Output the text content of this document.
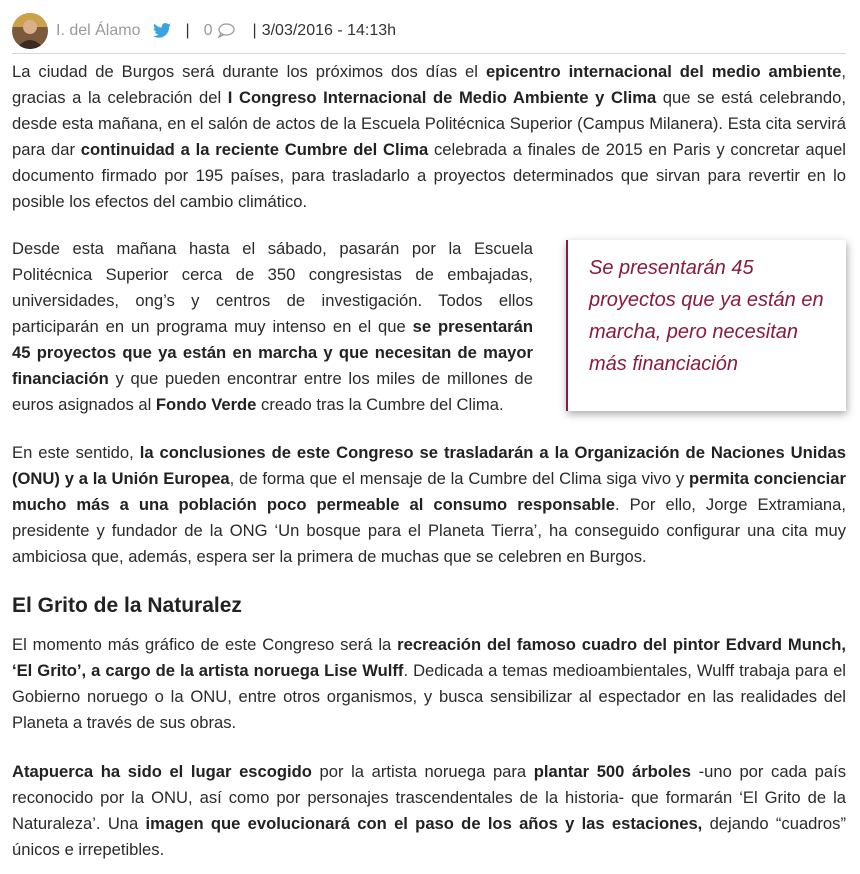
I. del Álamo	| 0	| 3/03/2016 - 14:13h

La ciudad de Burgos será durante los próximos dos días el epicentro internacional del medio ambiente, gracias a la celebración del I Congreso Internacional de Medio Ambiente y Clima que se está celebrando, desde esta mañana, en el salón de actos de la Escuela Politécnica Superior (Campus Milanera). Esta cita servirá para dar continuidad a la reciente Cumbre del Clima celebrada a finales de 2015 en Paris y concretar aquel documento firmado por 195 países, para trasladarlo a proyectos determinados que sirvan para revertir en lo posible los efectos del cambio climático.

Desde esta mañana hasta el sábado, pasarán por la Escuela Politécnica Superior cerca de 350 congresistas de embajadas, universidades, ong’s y centros de investigación. Todos ellos participarán en un programa muy intenso en el que se presentarán 45 proyectos que ya están en marcha y que necesitan de mayor financiación y que pueden encontrar entre los miles de millones de euros asignados al Fondo Verde creado tras la Cumbre del Clima.

Se presentarán 45 proyectos que ya están en marcha, pero necesitan más financiación

En este sentido, la conclusiones de este Congreso se trasladarán a la Organización de Naciones Unidas (ONU) y a la Unión Europea, de forma que el mensaje de la Cumbre del Clima siga vivo y permita concienciar mucho más a una población poco permeable al consumo responsable. Por ello, Jorge Extramiana, presidente y fundador de la ONG ‘Un bosque para el Planeta Tierra’, ha conseguido configurar una cita muy ambiciosa que, además, espera ser la primera de muchas que se celebren en Burgos.

El Grito de la Naturalez

El momento más gráfico de este Congreso será la recreación del famoso cuadro del pintor Edvard Munch, ‘El Grito’, a cargo de la artista noruega Lise Wulff. Dedicada a temas medioambientales, Wulff trabaja para el Gobierno noruego o la ONU, entre otros organismos, y busca sensibilizar al espectador en las realidades del Planeta a través de sus obras.

Atapuerca ha sido el lugar escogido por la artista noruega para plantar 500 árboles -uno por cada país reconocido por la ONU, así como por personajes trascendentales de la historia- que formarán ‘El Grito de la Naturaleza’. Una imagen que evolucionará con el paso de los años y las estaciones, dejando “cuadros” únicos e irrepetibles.
